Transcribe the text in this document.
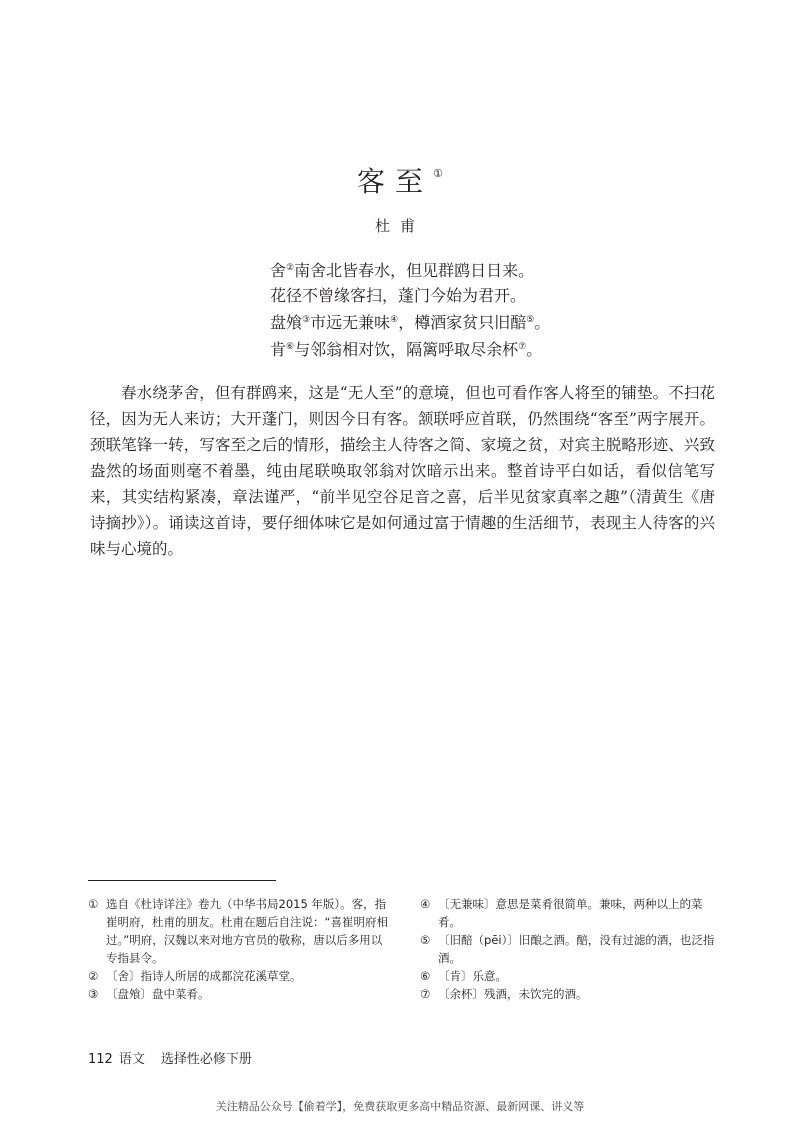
客至①
杜甫
舍②南舍北皆春水，但见群鸥日日来。
花径不曾缘客扫，蓬门今始为君开。
盘飧③市远无兼味④，樽酒家贫只旧醅⑤。
肯⑥与邻翁相对饮，隔篱呼取尽余杯⑦。
春水绕茅舍，但有群鸥来，这是“无人至”的意境，但也可看作客人将至的铺垫。不扫花径，因为无人来访；大开蓬门，则因今日有客。颔联呼应首联，仍然围绕“客至”两字展开。颈联笔锋一转，写客至之后的情形，描绘主人待客之简、家境之贫，对宾主脱略形迹、兴致盎然的场面则毫不着墨，纯由尾联唤取邻翁对饮暗示出来。整首诗平白如话，看似信笔写来，其实结构紧凑，章法谨严，“前半见空谷足音之喜，后半见贫家真率之趣”（清黄生《唐诗摘抄》）。诵读这首诗，要仔细体味它是如何通过富于情趣的生活细节，表现主人待客的兴味与心境的。
① 选自《杜诗详注》卷九（中华书局2015 年版）。客，指崔明府，杜甫的朋友。杜甫在题后自注说：“喜崔明府相过。”明府，汉魏以来对地方官员的敬称，唐以后多用以专指县令。
② 〔舍〕指诗人所居的成都浣花溪草堂。
③ 〔盘飧〕盘中菜肴。
④ 〔无兼味〕意思是菜肴很简单。兼味，两种以上的菜肴。
⑤ 〔旧醅（pēi）〕旧酿之酒。醅，没有过滤的酒，也泛指酒。
⑥ 〔肯〕乐意。
⑦ 〔余杯〕残酒，未饮完的酒。
112 语文 选择性必修下册
关注精品公众号【偷着学】，免费获取更多高中精品资源、最新网课、讲义等
